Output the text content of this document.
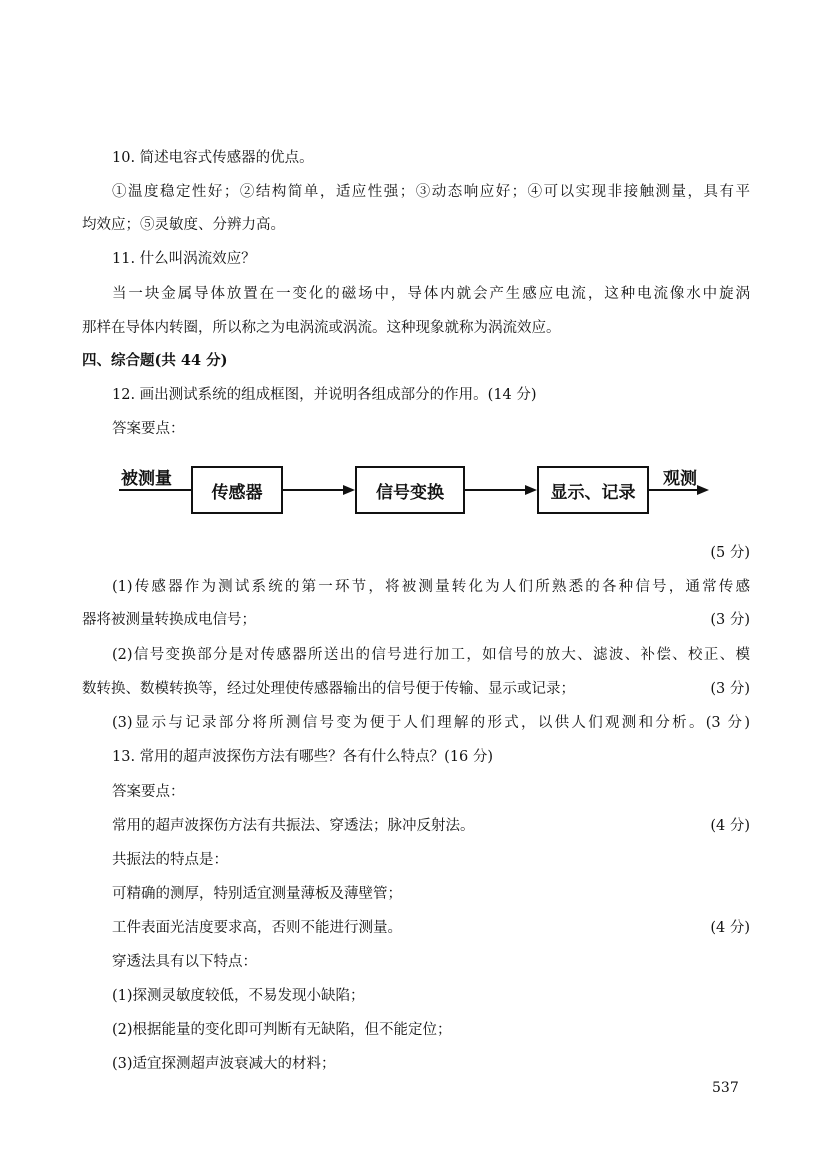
10. 简述电容式传感器的优点。
①温度稳定性好；②结构简单，适应性强；③动态响应好；④可以实现非接触测量，具有平
均效应；⑤灵敏度、分辨力高。
11. 什么叫涡流效应？
当一块金属导体放置在一变化的磁场中，导体内就会产生感应电流，这种电流像水中旋涡
那样在导体内转圈，所以称之为电涡流或涡流。这种现象就称为涡流效应。
四、综合题(共 44 分)
12. 画出测试系统的组成框图，并说明各组成部分的作用。(14 分)
答案要点：
被测量
传感器	信号变换	显示、记录
观测
(5 分)
(1)传感器作为测试系统的第一环节，将被测量转化为人们所熟悉的各种信号，通常传感
器将被测量转换成电信号；	(3 分)
(2)信号变换部分是对传感器所送出的信号进行加工，如信号的放大、滤波、补偿、校正、模
数转换、数模转换等，经过处理使传感器输出的信号便于传输、显示或记录；	(3 分)
(3)显示与记录部分将所测信号变为便于人们理解的形式，以供人们观测和分析。(3 分)
13. 常用的超声波探伤方法有哪些？各有什么特点？(16 分)
答案要点：
常用的超声波探伤方法有共振法、穿透法；脉冲反射法。	(4 分)
共振法的特点是：
可精确的测厚，特别适宜测量薄板及薄壁管；
工件表面光洁度要求高，否则不能进行测量。	(4 分)
穿透法具有以下特点：
(1)探测灵敏度较低，不易发现小缺陷；
(2)根据能量的变化即可判断有无缺陷，但不能定位；
(3)适宜探测超声波衰减大的材料；
537
